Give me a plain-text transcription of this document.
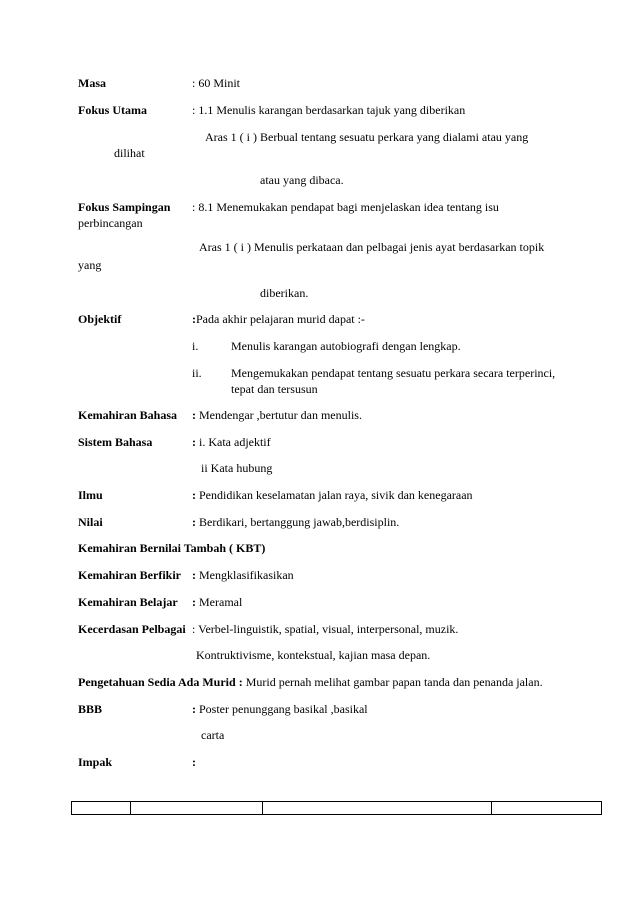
Masa	: 60 Minit
Fokus Utama	: 1.1 Menulis karangan berdasarkan tajuk yang diberikan
Aras 1 ( i ) Berbual tentang sesuatu perkara yang dialami atau yang
dilihat
atau yang dibaca.
Fokus Sampingan : 8.1 Menemukakan pendapat bagi menjelaskan idea tentang isu
perbincangan
Aras 1 ( i ) Menulis perkataan dan pelbagai jenis ayat berdasarkan topik
yang
diberikan.
Objektif	:Pada akhir pelajaran murid dapat :-
i.	Menulis karangan autobiografi dengan lengkap.
ii. Mengemukakan pendapat tentang sesuatu perkara secara terperinci,
tepat dan tersusun
Kemahiran Bahasa : Mendengar ,bertutur dan menulis.
Sistem Bahasa	: i. Kata adjektif
ii Kata hubung
Ilmu	: Pendidikan keselamatan jalan raya, sivik dan kenegaraan
Nilai	: Berdikari, bertanggung jawab,berdisiplin.
Kemahiran Bernilai Tambah ( KBT)
Kemahiran Berfikir : Mengklasifikasikan
Kemahiran Belajar : Meramal
Kecerdasan Pelbagai : Verbel-linguistik, spatial, visual, interpersonal, muzik.
Kontruktivisme, kontekstual, kajian masa depan.
Pengetahuan Sedia Ada Murid : Murid pernah melihat gambar papan tanda dan penanda jalan.
BBB	: Poster penunggang basikal ,basikal
carta
Impak	:
